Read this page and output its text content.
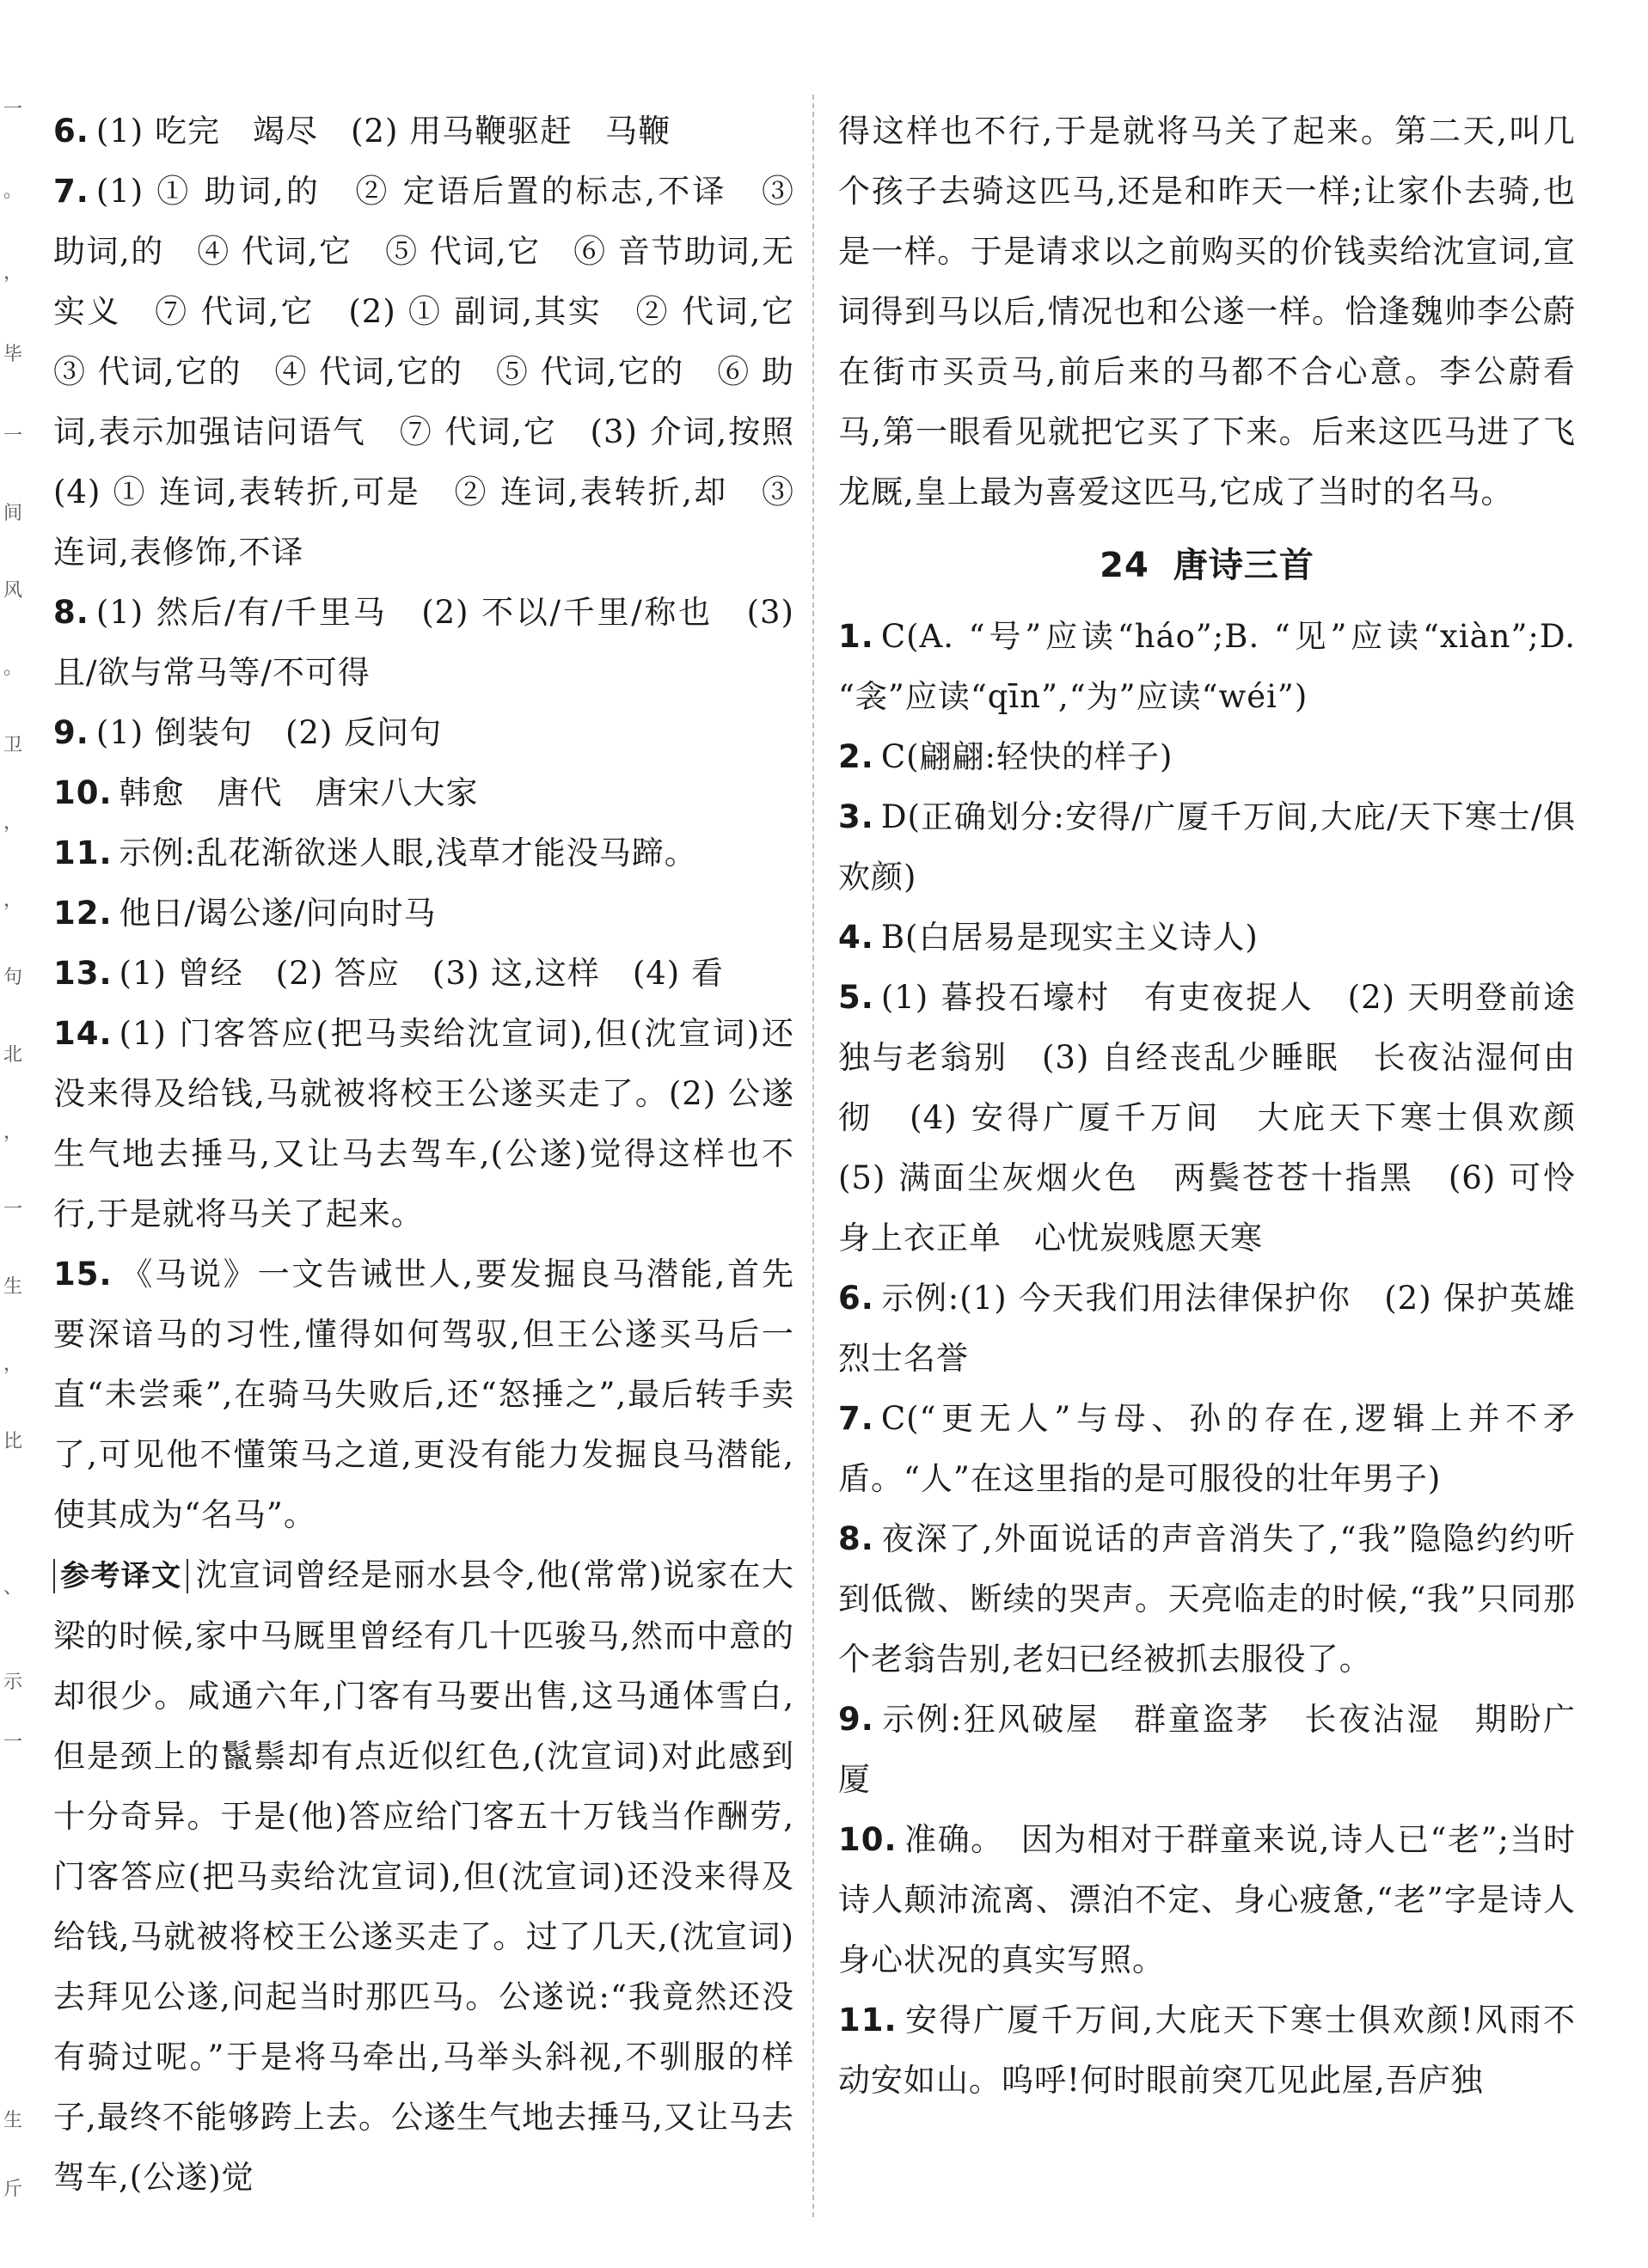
一
。
，
毕
一
间
风
。
卫
，
，
句
北
，
一
生
，
比
、
示
一
生
斤

6. (1) 吃完　竭尽　(2) 用马鞭驱赶　马鞭

7. (1) ① 助词,的　② 定语后置的标志,不译　③ 助词,的　④ 代词,它　⑤ 代词,它　⑥ 音节助词,无实义　⑦ 代词,它　(2) ① 副词,其实　② 代词,它　③ 代词,它的　④ 代词,它的　⑤ 代词,它的　⑥ 助词,表示加强诘问语气　⑦ 代词,它　(3) 介词,按照　(4) ① 连词,表转折,可是　② 连词,表转折,却　③ 连词,表修饰,不译

8. (1) 然后/有/千里马　(2) 不以/千里/称也　(3) 且/欲与常马等/不可得

9. (1) 倒装句　(2) 反问句

10. 韩愈　唐代　唐宋八大家

11. 示例:乱花渐欲迷人眼,浅草才能没马蹄。

12. 他日/谒公遂/问向时马

13. (1) 曾经　(2) 答应　(3) 这,这样　(4) 看

14. (1) 门客答应(把马卖给沈宣词),但(沈宣词)还没来得及给钱,马就被将校王公遂买走了。(2) 公遂生气地去捶马,又让马去驾车,(公遂)觉得这样也不行,于是就将马关了起来。

15. 《马说》一文告诫世人,要发掘良马潜能,首先要深谙马的习性,懂得如何驾驭,但王公遂买马后一直“未尝乘”,在骑马失败后,还“怒捶之”,最后转手卖了,可见他不懂策马之道,更没有能力发掘良马潜能,使其成为“名马”。

参考译文 沈宣词曾经是丽水县令,他(常常)说家在大梁的时候,家中马厩里曾经有几十匹骏马,然而中意的却很少。咸通六年,门客有马要出售,这马通体雪白,但是颈上的鬣鬃却有点近似红色,(沈宣词)对此感到十分奇异。于是(他)答应给门客五十万钱当作酬劳,门客答应(把马卖给沈宣词),但(沈宣词)还没来得及给钱,马就被将校王公遂买走了。过了几天,(沈宣词)去拜见公遂,问起当时那匹马。公遂说:“我竟然还没有骑过呢。”于是将马牵出,马举头斜视,不驯服的样子,最终不能够跨上去。公遂生气地去捶马,又让马去驾车,(公遂)觉

得这样也不行,于是就将马关了起来。第二天,叫几个孩子去骑这匹马,还是和昨天一样;让家仆去骑,也是一样。于是请求以之前购买的价钱卖给沈宣词,宣词得到马以后,情况也和公遂一样。恰逢魏帅李公蔚在街市买贡马,前后来的马都不合心意。李公蔚看马,第一眼看见就把它买了下来。后来这匹马进了飞龙厩,皇上最为喜爱这匹马,它成了当时的名马。

24 唐诗三首

1. C(A. “号”应读“háo”;B. “见”应读“xiàn”;D. “衾”应读“qīn”,“为”应读“wéi”)

2. C(翩翩:轻快的样子)

3. D(正确划分:安得/广厦千万间,大庇/天下寒士/俱欢颜)

4. B(白居易是现实主义诗人)

5. (1) 暮投石壕村　有吏夜捉人　(2) 天明登前途　独与老翁别　(3) 自经丧乱少睡眠　长夜沾湿何由彻　(4) 安得广厦千万间　大庇天下寒士俱欢颜　(5) 满面尘灰烟火色　两鬓苍苍十指黑　(6) 可怜身上衣正单　心忧炭贱愿天寒

6. 示例:(1) 今天我们用法律保护你　(2) 保护英雄烈士名誉

7. C(“更无人”与母、孙的存在,逻辑上并不矛盾。“人”在这里指的是可服役的壮年男子)

8. 夜深了,外面说话的声音消失了,“我”隐隐约约听到低微、断续的哭声。天亮临走的时候,“我”只同那个老翁告别,老妇已经被抓去服役了。

9. 示例:狂风破屋　群童盗茅　长夜沾湿　期盼广厦

10. 准确。　因为相对于群童来说,诗人已“老”;当时诗人颠沛流离、漂泊不定、身心疲惫,“老”字是诗人身心状况的真实写照。

11. 安得广厦千万间,大庇天下寒士俱欢颜!风雨不动安如山。呜呼!何时眼前突兀见此屋,吾庐独
